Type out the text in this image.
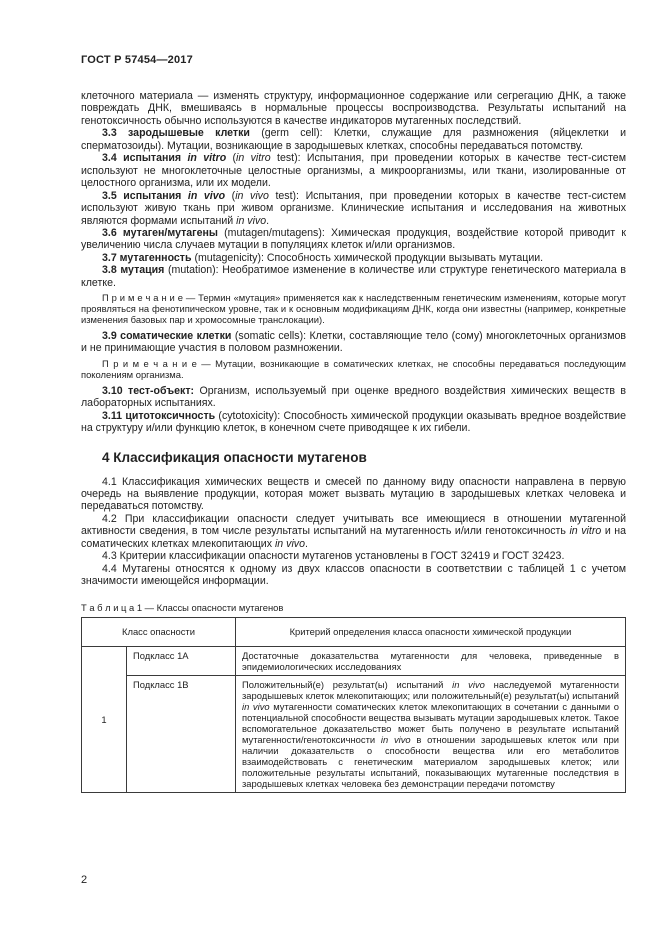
ГОСТ Р 57454—2017
клеточного материала — изменять структуру, информационное содержание или сегрегацию ДНК, а также повреждать ДНК, вмешиваясь в нормальные процессы воспроизводства. Результаты испытаний на генотоксичность обычно используются в качестве индикаторов мутагенных последствий.
3.3 зародышевые клетки (germ cell): Клетки, служащие для размножения (яйцеклетки и сперматозоиды). Мутации, возникающие в зародышевых клетках, способны передаваться потомству.
3.4 испытания in vitro (in vitro test): Испытания, при проведении которых в качестве тест-систем используют не многоклеточные целостные организмы, а микроорганизмы, или ткани, изолированные от целостного организма, или их модели.
3.5 испытания in vivo (in vivo test): Испытания, при проведении которых в качестве тест-систем используют живую ткань при живом организме. Клинические испытания и исследования на животных являются формами испытаний in vivo.
3.6 мутаген/мутагены (mutagen/mutagens): Химическая продукция, воздействие которой приводит к увеличению числа случаев мутации в популяциях клеток и/или организмов.
3.7 мутагенность (mutagenicity): Способность химической продукции вызывать мутации.
3.8 мутация (mutation): Необратимое изменение в количестве или структуре генетического материала в клетке.
П р и м е ч а н и е — Термин «мутация» применяется как к наследственным генетическим изменениям, которые могут проявляться на фенотипическом уровне, так и к основным модификациям ДНК, когда они известны (например, конкретные изменения базовых пар и хромосомные транслокации).
3.9 соматические клетки (somatic cells): Клетки, составляющие тело (сому) многоклеточных организмов и не принимающие участия в половом размножении.
П р и м е ч а н и е — Мутации, возникающие в соматических клетках, не способны передаваться последующим поколениям организма.
3.10 тест-объект: Организм, используемый при оценке вредного воздействия химических веществ в лабораторных испытаниях.
3.11 цитотоксичность (cytotoxicity): Способность химической продукции оказывать вредное воздействие на структуру и/или функцию клеток, в конечном счете приводящее к их гибели.
4 Классификация опасности мутагенов
4.1 Классификация химических веществ и смесей по данному виду опасности направлена в первую очередь на выявление продукции, которая может вызвать мутацию в зародышевых клетках человека и передаваться потомству.
4.2 При классификации опасности следует учитывать все имеющиеся в отношении мутагенной активности сведения, в том числе результаты испытаний на мутагенность и/или генотоксичность in vitro и на соматических клетках млекопитающих in vivo.
4.3 Критерии классификации опасности мутагенов установлены в ГОСТ 32419 и ГОСТ 32423.
4.4 Мутагены относятся к одному из двух классов опасности в соответствии с таблицей 1 с учетом значимости имеющейся информации.
Т а б л и ц а 1 — Классы опасности мутагенов
Класс опасности		Критерий определения класса опасности химической продукции
1	Подкласс 1A	Достаточные доказательства мутагенности для человека, приведенные в эпидемиологических исследованиях
	Подкласс 1B	Положительный(е) результат(ы) испытаний in vivo наследуемой мутагенности зародышевых клеток млекопитающих; или положительный(е) результат(ы) испытаний in vivo мутагенности соматических клеток млекопитающих в сочетании с данными о потенциальной способности вещества вызывать мутации зародышевых клеток. Такое вспомогательное доказательство может быть получено в результате испытаний мутагенности/генотоксичности in vivo в отношении зародышевых клеток или при наличии доказательств о способности вещества или его метаболитов взаимодействовать с генетическим материалом зародышевых клеток; или положительные результаты испытаний, показывающих мутагенные последствия в зародышевых клетках человека без демонстрации передачи потомству
2
